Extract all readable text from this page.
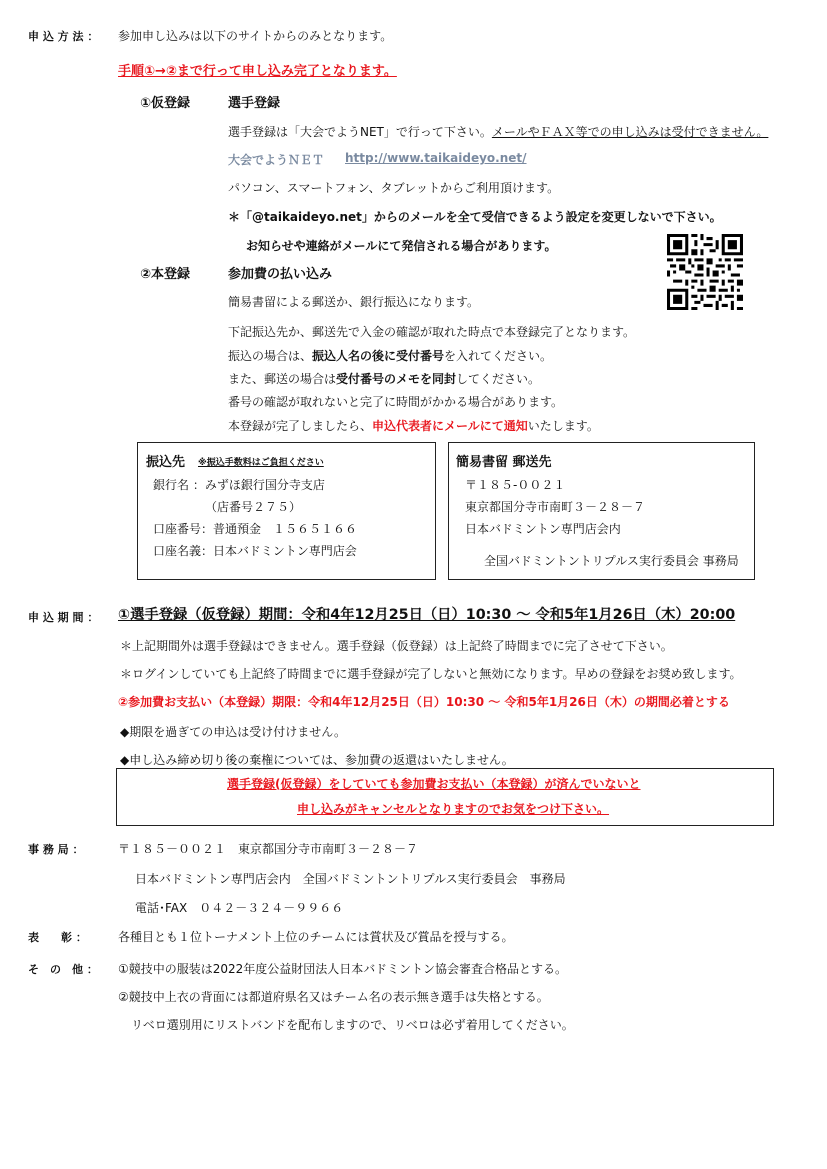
申 込 方 法 ： 参加申し込みは以下のサイトからのみとなります。
手順①→②まで行って申し込み完了となります。
①仮登録	選手登録
選手登録は「大会でようNET」で行って下さい。メールやＦＡＸ等での申し込みは受付できません。
大会でようＮＥＴ http://www.taikaideyo.net/
パソコン、スマートフォン、タブレットからご利用頂けます。
＊「@taikaideyo.net」からのメールを全て受信できるよう設定を変更しないで下さい。
お知らせや連絡がメールにて発信される場合があります。
②本登録	参加費の払い込み
簡易書留による郵送か、銀行振込になります。
下記振込先か、郵送先で入金の確認が取れた時点で本登録完了となります。
振込の場合は、振込人名の後に受付番号を入れてください。
また、郵送の場合は受付番号のメモを同封してください。
番号の確認が取れないと完了に時間がかかる場合があります。
本登録が完了しましたら、申込代表者にメールにて通知いたします。
振込先 ※振込手数料はご負担ください
銀行名 ：みずほ銀行国分寺支店
（店番号２７５）
口座番号：普通預金　１５６５１６６
口座名義：日本バドミントン専門店会
簡易書留 郵送先
〒１８５-００２１
東京都国分寺市南町３－２８－７
日本バドミントン専門店会内
全国バドミントントリプルス実行委員会 事務局
申 込 期 間 ： ①選手登録（仮登録）期間：令和4年12月25日（日）10:30 ～ 令和5年1月26日（木）20:00
＊上記期間外は選手登録はできません。選手登録（仮登録）は上記終了時間までに完了させて下さい。
＊ログインしていても上記終了時間までに選手登録が完了しないと無効になります。早めの登録をお奨め致します。
②参加費お支払い（本登録）期限：令和4年12月25日（日）10:30 ～ 令和5年1月26日（木）の期間必着とする
◆期限を過ぎての申込は受け付けません。
◆申し込み締め切り後の棄権については、参加費の返還はいたしません。
選手登録(仮登録）をしていても参加費お支払い（本登録）が済んでいないと
申し込みがキャンセルとなりますのでお気をつけ下さい。
事 務 局 ：	〒１８５－００２１　東京都国分寺市南町３－２８－７
日本バドミントン専門店会内　全国バドミントントリプルス実行委員会　事務局
電話･FAX　０４２－３２４－９９６６
表　　彰 ：	各種目とも１位トーナメント上位のチームには賞状及び賞品を授与する。
そ　の　他 ： ①競技中の服装は2022年度公益財団法人日本バドミントン協会審査合格品とする。
②競技中上衣の背面には都道府県名又はチーム名の表示無き選手は失格とする。
リベロ選別用にリストバンドを配布しますので、リベロは必ず着用してください。
